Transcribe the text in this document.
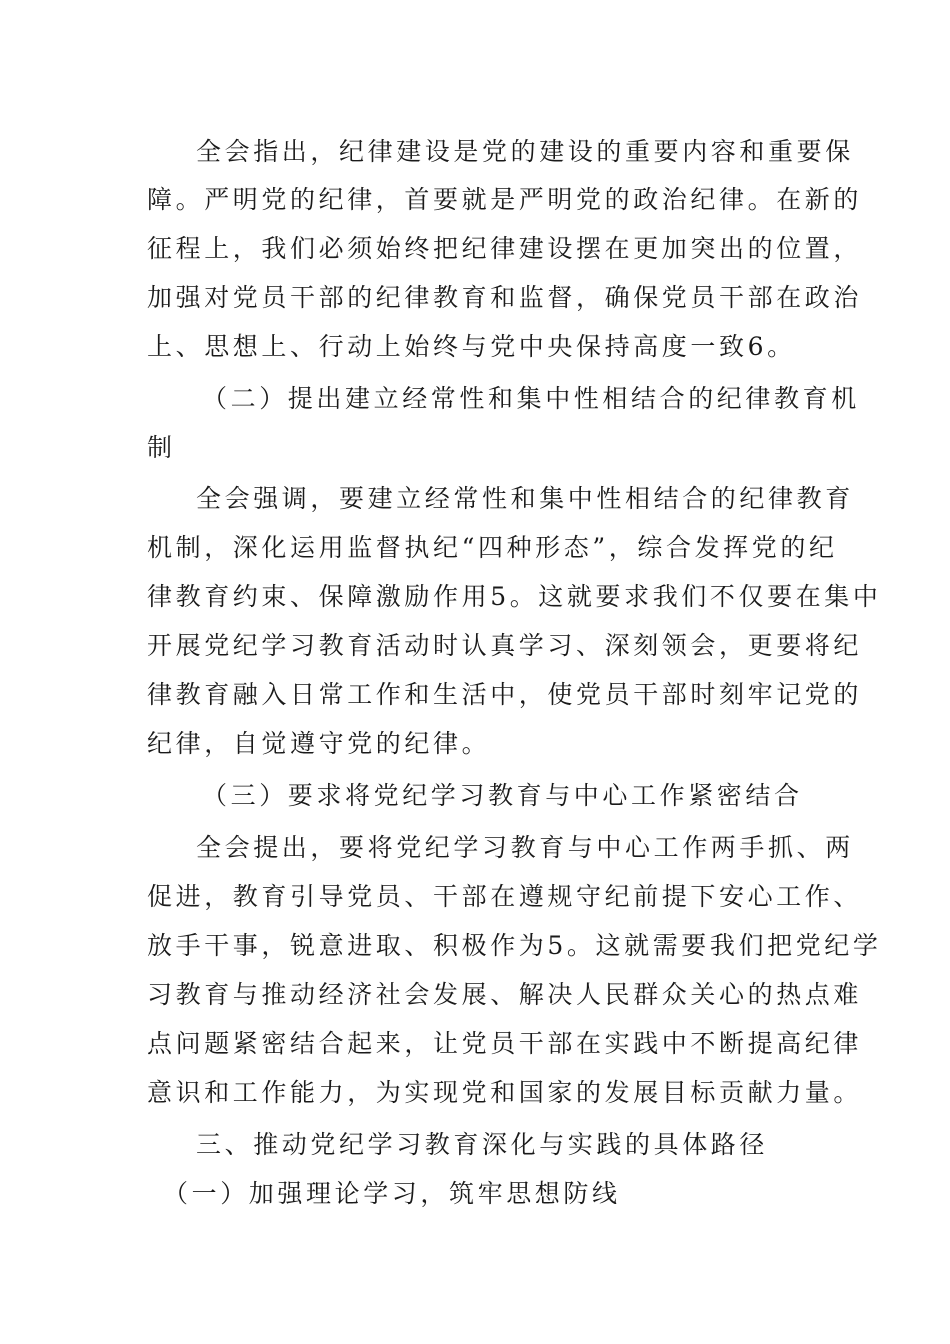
全会指出，纪律建设是党的建设的重要内容和重要保
障。严明党的纪律，首要就是严明党的政治纪律。在新的
征程上，我们必须始终把纪律建设摆在更加突出的位置，
加强对党员干部的纪律教育和监督，确保党员干部在政治
上、思想上、行动上始终与党中央保持高度一致6。
（二）提出建立经常性和集中性相结合的纪律教育机
制
全会强调，要建立经常性和集中性相结合的纪律教育
机制，深化运用监督执纪“四种形态”，综合发挥党的纪
律教育约束、保障激励作用5。这就要求我们不仅要在集中
开展党纪学习教育活动时认真学习、深刻领会，更要将纪
律教育融入日常工作和生活中，使党员干部时刻牢记党的
纪律，自觉遵守党的纪律。
（三）要求将党纪学习教育与中心工作紧密结合
全会提出，要将党纪学习教育与中心工作两手抓、两
促进，教育引导党员、干部在遵规守纪前提下安心工作、
放手干事，锐意进取、积极作为5。这就需要我们把党纪学
习教育与推动经济社会发展、解决人民群众关心的热点难
点问题紧密结合起来，让党员干部在实践中不断提高纪律
意识和工作能力，为实现党和国家的发展目标贡献力量。
三、推动党纪学习教育深化与实践的具体路径
（一）加强理论学习，筑牢思想防线
